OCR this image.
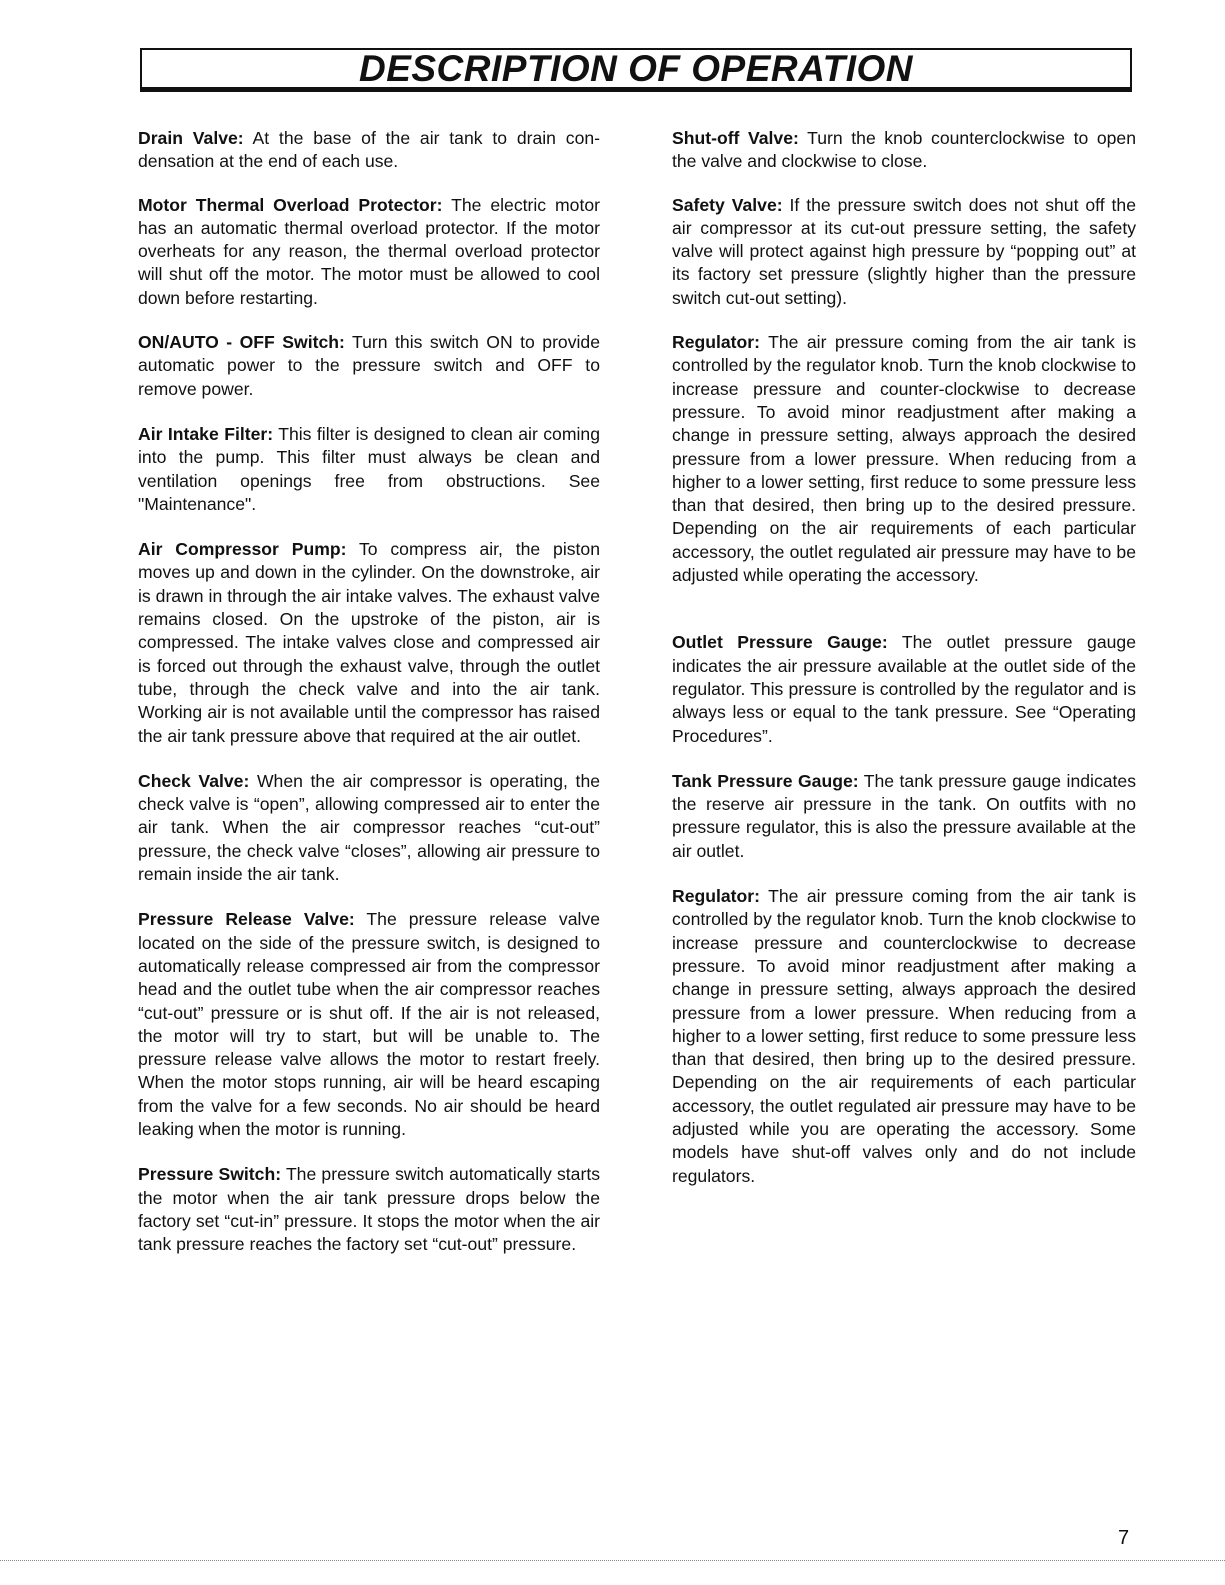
DESCRIPTION OF OPERATION

Drain Valve: At the base of the air tank to drain condensation at the end of each use.

Motor Thermal Overload Protector: The electric motor has an automatic thermal overload protector. If the motor overheats for any reason, the thermal overload protector will shut off the motor. The motor must be allowed to cool down before restarting.

ON/AUTO - OFF Switch: Turn this switch ON to provide automatic power to the pressure switch and OFF to remove power.

Air Intake Filter: This filter is designed to clean air coming into the pump. This filter must always be clean and ventilation openings free from obstructions. See "Maintenance".

Air Compressor Pump: To compress air, the piston moves up and down in the cylinder. On the downstroke, air is drawn in through the air intake valves. The exhaust valve remains closed. On the upstroke of the piston, air is compressed. The intake valves close and compressed air is forced out through the exhaust valve, through the outlet tube, through the check valve and into the air tank. Working air is not available until the compressor has raised the air tank pressure above that required at the air outlet.

Check Valve: When the air compressor is operating, the check valve is “open”, allowing compressed air to enter the air tank. When the air compressor reaches “cut-out” pressure, the check valve “closes”, allowing air pressure to remain inside the air tank.

Pressure Release Valve: The pressure release valve located on the side of the pressure switch, is designed to automatically release compressed air from the compressor head and the outlet tube when the air compressor reaches “cut-out” pressure or is shut off. If the air is not released, the motor will try to start, but will be unable to. The pressure release valve allows the motor to restart freely. When the motor stops running, air will be heard escaping from the valve for a few seconds. No air should be heard leaking when the motor is running.

Pressure Switch: The pressure switch automatically starts the motor when the air tank pressure drops below the factory set “cut-in” pressure. It stops the motor when the air tank pressure reaches the factory set “cut-out” pressure.

Shut-off Valve: Turn the knob counterclockwise to open the valve and clockwise to close.

Safety Valve: If the pressure switch does not shut off the air compressor at its cut-out pressure setting, the safety valve will protect against high pressure by “popping out” at its factory set pressure (slightly higher than the pressure switch cut-out setting).

Regulator: The air pressure coming from the air tank is controlled by the regulator knob. Turn the knob clockwise to increase pressure and counter-clockwise to decrease pressure. To avoid minor readjustment after making a change in pressure setting, always approach the desired pressure from a lower pressure. When reducing from a higher to a lower setting, first reduce to some pressure less than that desired, then bring up to the desired pressure. Depending on the air requirements of each particular accessory, the outlet regulated air pressure may have to be adjusted while operating the accessory.

Outlet Pressure Gauge: The outlet pressure gauge indicates the air pressure available at the outlet side of the regulator. This pressure is controlled by the regulator and is always less or equal to the tank pressure. See “Operating Procedures”.

Tank Pressure Gauge: The tank pressure gauge indicates the reserve air pressure in the tank. On outfits with no pressure regulator, this is also the pressure available at the air outlet.

Regulator: The air pressure coming from the air tank is controlled by the regulator knob. Turn the knob clockwise to increase pressure and counterclockwise to decrease pressure. To avoid minor readjustment after making a change in pressure setting, always approach the desired pressure from a lower pressure. When reducing from a higher to a lower setting, first reduce to some pressure less than that desired, then bring up to the desired pressure. Depending on the air requirements of each particular accessory, the outlet regulated air pressure may have to be adjusted while you are operating the accessory. Some models have shut-off valves only and do not include regulators.

7
